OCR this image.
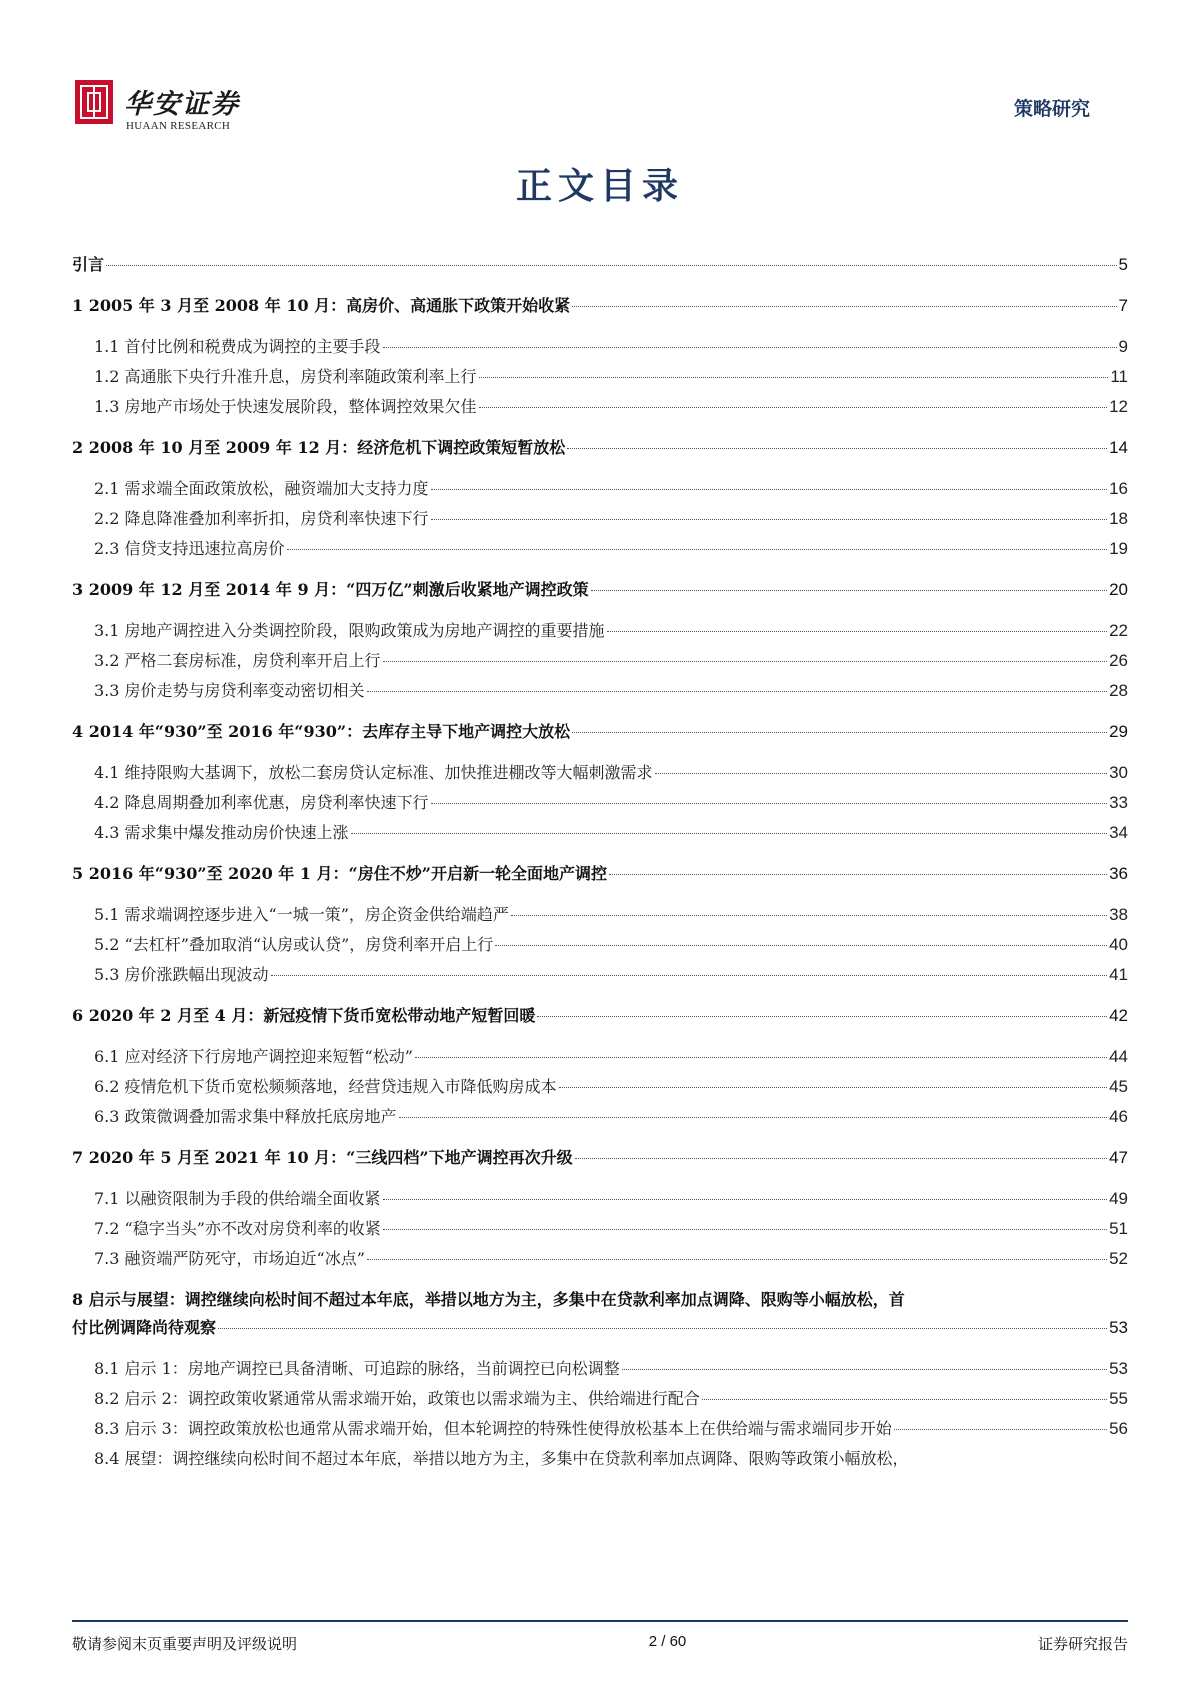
华安证券
HUAAN RESEARCH
策略研究
正文目录
引言	5
1 2005 年 3 月至 2008 年 10 月：高房价、高通胀下政策开始收紧	7
1.1 首付比例和税费成为调控的主要手段	9
1.2 高通胀下央行升准升息，房贷利率随政策利率上行	11
1.3 房地产市场处于快速发展阶段，整体调控效果欠佳	12
2 2008 年 10 月至 2009 年 12 月：经济危机下调控政策短暂放松	14
2.1 需求端全面政策放松，融资端加大支持力度	16
2.2 降息降准叠加利率折扣，房贷利率快速下行	18
2.3 信贷支持迅速拉高房价	19
3 2009 年 12 月至 2014 年 9 月：“四万亿”刺激后收紧地产调控政策	20
3.1 房地产调控进入分类调控阶段，限购政策成为房地产调控的重要措施	22
3.2 严格二套房标准，房贷利率开启上行	26
3.3 房价走势与房贷利率变动密切相关	28
4 2014 年“930”至 2016 年“930”：去库存主导下地产调控大放松	29
4.1 维持限购大基调下，放松二套房贷认定标准、加快推进棚改等大幅刺激需求	30
4.2 降息周期叠加利率优惠，房贷利率快速下行	33
4.3 需求集中爆发推动房价快速上涨	34
5 2016 年“930”至 2020 年 1 月：“房住不炒”开启新一轮全面地产调控	36
5.1 需求端调控逐步进入“一城一策”，房企资金供给端趋严	38
5.2 “去杠杆”叠加取消“认房或认贷”，房贷利率开启上行	40
5.3 房价涨跌幅出现波动	41
6 2020 年 2 月至 4 月：新冠疫情下货币宽松带动地产短暂回暖	42
6.1 应对经济下行房地产调控迎来短暂“松动”	44
6.2 疫情危机下货币宽松频频落地，经营贷违规入市降低购房成本	45
6.3 政策微调叠加需求集中释放托底房地产	46
7 2020 年 5 月至 2021 年 10 月：“三线四档”下地产调控再次升级	47
7.1 以融资限制为手段的供给端全面收紧	49
7.2 “稳字当头”亦不改对房贷利率的收紧	51
7.3 融资端严防死守，市场迫近“冰点”	52
8 启示与展望：调控继续向松时间不超过本年底，举措以地方为主，多集中在贷款利率加点调降、限购等小幅放松，首
付比例调降尚待观察	53
8.1 启示 1：房地产调控已具备清晰、可追踪的脉络，当前调控已向松调整	53
8.2 启示 2：调控政策收紧通常从需求端开始，政策也以需求端为主、供给端进行配合	55
8.3 启示 3：调控政策放松也通常从需求端开始，但本轮调控的特殊性使得放松基本上在供给端与需求端同步开始	56
8.4 展望：调控继续向松时间不超过本年底，举措以地方为主，多集中在贷款利率加点调降、限购等政策小幅放松，
敬请参阅末页重要声明及评级说明	2 / 60	证券研究报告
